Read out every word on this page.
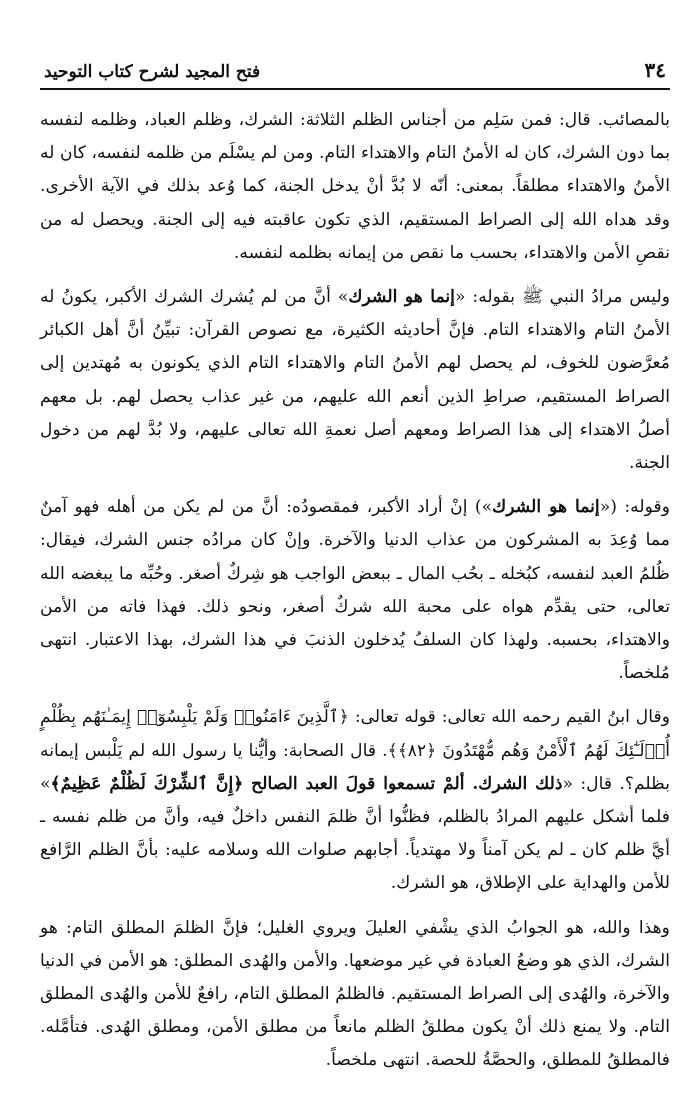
٣٤
فتح المجيد لشرح كتاب التوحيد

بالمصائب. قال: فمن سَلِم من أجناس الظلم الثلاثة: الشرك، وظلم العباد، وظلمه لنفسه بما دون الشرك، كان له الأمنُ التام والاهتداء التام. ومن لم يسْلَم من ظلمه لنفسه، كان له الأمنُ والاهتداء مطلقاً. بمعنى: أنّه لا بُدَّ أنْ يدخل الجنة، كما وُعد بذلك في الآية الأخرى. وقد هداه الله إلى الصراط المستقيم، الذي تكون عاقبته فيه إلى الجنة. ويحصل له من نقصِ الأمن والاهتداء، بحسب ما نقص من إيمانه بظلمه لنفسه.

وليس مرادُ النبي ﷺ بقوله: «إنما هو الشرك» أنَّ من لم يُشرك الشرك الأكبر، يكونُ له الأمنُ التام والاهتداء التام. فإنَّ أحاديثه الكثيرة، مع نصوص القرآن: تبيِّنُ أنَّ أهل الكبائر مُعرَّضون للخوف، لم يحصل لهم الأمنُ التام والاهتداء التام الذي يكونون به مُهتدين إلى الصراط المستقيم، صراطِ الذين أنعم الله عليهم، من غير عذاب يحصل لهم. بل معهم أصلُ الاهتداء إلى هذا الصراط ومعهم أصل نعمةِ الله تعالى عليهم، ولا بُدَّ لهم من دخول الجنة.

وقوله: («إنما هو الشرك») إنْ أراد الأكبر، فمقصودُه: أنَّ من لم يكن من أهله فهو آمنٌ مما وُعِدَ به المشركون من عذاب الدنيا والآخرة. وإنْ كان مرادُه جنس الشرك، فيقال: ظُلمُ العبد لنفسه، كبُخله ـ بحُب المال ـ ببعض الواجب هو شِركٌ أصغر. وحُبِّه ما يبغضه الله تعالى، حتى يقدِّم هواه على محبة الله شركٌ أصغر، ونحو ذلك. فهذا فاته من الأمن والاهتداء، بحسبه. ولهذا كان السلفُ يُدخلون الذنبَ في هذا الشرك، بهذا الاعتبار. انتهى مُلخصاً.

وقال ابنُ القيم رحمه الله تعالى: قوله تعالى: ﴿ٱلَّذِينَ ءَامَنُوا۟ وَلَمْ يَلْبِسُوٓا۟ إِيمَـٰنَهُم بِظُلْمٍ أُو۟لَـٰٓئِكَ لَهُمُ ٱلْأَمْنُ وَهُم مُّهْتَدُونَ ﴿٨٢﴾﴾. قال الصحابة: وأيُّنا يا رسول الله لم يَلْبس إيمانه بظلم؟. قال: «ذلك الشرك. ألمْ تسمعوا قولَ العبد الصالح ﴿إِنَّ ٱلشِّرْكَ لَظُلْمٌ عَظِيمٌ﴾» فلما أشكل عليهم المرادُ بالظلم، فظنُّوا أنَّ ظلمَ النفس داخلٌ فيه، وأنَّ من ظلم نفسه ـ أيَّ ظلم كان ـ لم يكن آمناً ولا مهتدياً. أجابهم صلوات الله وسلامه عليه: بأنَّ الظلم الرَّافع للأمن والهداية على الإطلاق، هو الشرك.

وهذا والله، هو الجوابُ الذي يشْفي العليلَ ويروي الغليل؛ فإنَّ الظلمَ المطلق التام: هو الشرك، الذي هو وضعُ العبادة في غير موضعها. والأمن والهُدى المطلق: هو الأمن في الدنيا والآخرة، والهُدى إلى الصراط المستقيم. فالظلمُ المطلق التام، رافعٌ للأمن والهُدى المطلق التام. ولا يمنع ذلك أنْ يكون مطلقُ الظلم مانعاً من مطلق الأمن، ومطلق الهُدى. فتأمَّله. فالمطلقُ للمطلق، والحصَّةُ للحصة. انتهى ملخصاً.
